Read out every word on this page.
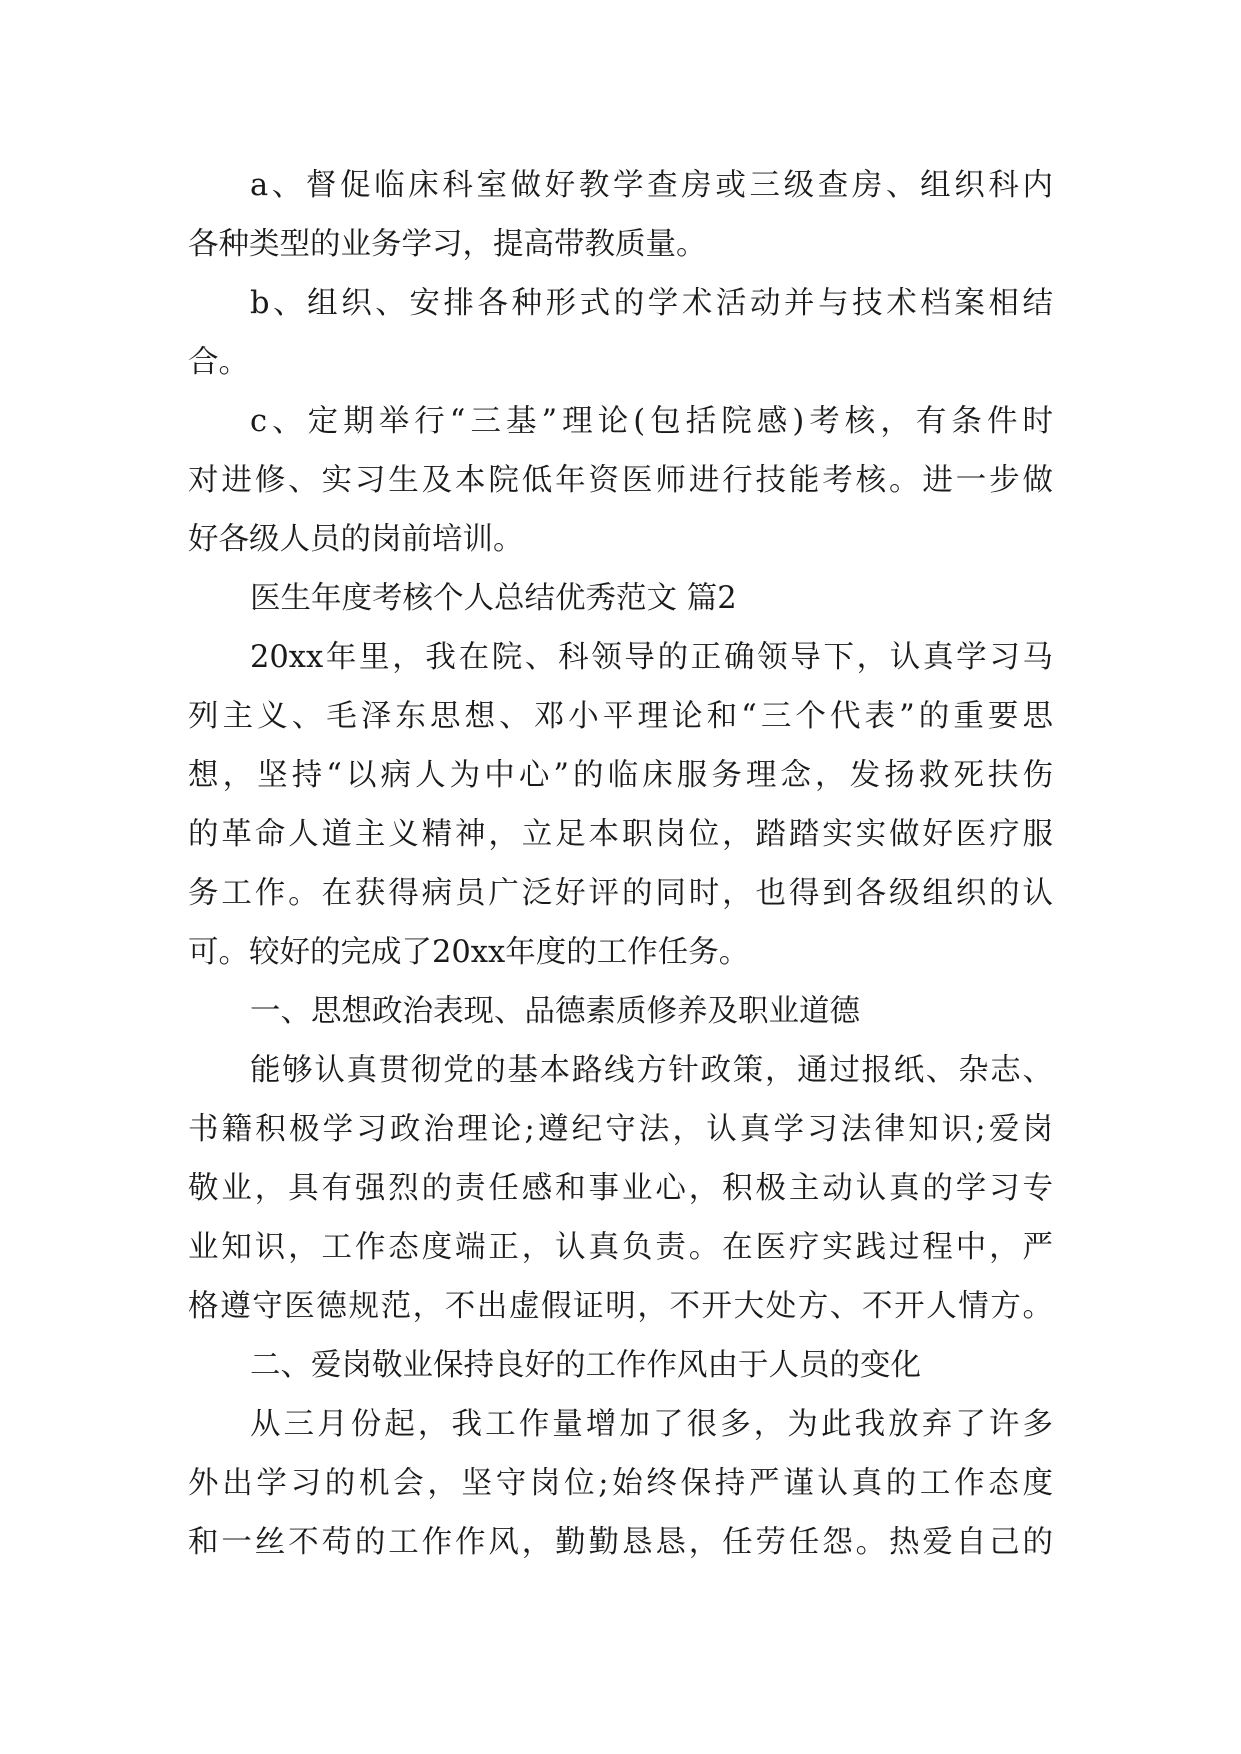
a、督促临床科室做好教学查房或三级查房、组织科内
各种类型的业务学习，提高带教质量。
b、组织、安排各种形式的学术活动并与技术档案相结
合。
c、定期举行“三基”理论(包括院感)考核，有条件时
对进修、实习生及本院低年资医师进行技能考核。进一步做
好各级人员的岗前培训。
医生年度考核个人总结优秀范文 篇2
20xx年里，我在院、科领导的正确领导下，认真学习马
列主义、毛泽东思想、邓小平理论和“三个代表”的重要思
想，坚持“以病人为中心”的临床服务理念，发扬救死扶伤
的革命人道主义精神，立足本职岗位，踏踏实实做好医疗服
务工作。在获得病员广泛好评的同时，也得到各级组织的认
可。较好的完成了20xx年度的工作任务。
一、思想政治表现、品德素质修养及职业道德
能够认真贯彻党的基本路线方针政策，通过报纸、杂志、
书籍积极学习政治理论;遵纪守法，认真学习法律知识;爱岗
敬业，具有强烈的责任感和事业心，积极主动认真的学习专
业知识，工作态度端正，认真负责。在医疗实践过程中，严
格遵守医德规范，不出虚假证明，不开大处方、不开人情方。
二、爱岗敬业保持良好的工作作风由于人员的变化
从三月份起，我工作量增加了很多，为此我放弃了许多
外出学习的机会，坚守岗位;始终保持严谨认真的工作态度
和一丝不苟的工作作风，勤勤恳恳，任劳任怨。热爱自己的
